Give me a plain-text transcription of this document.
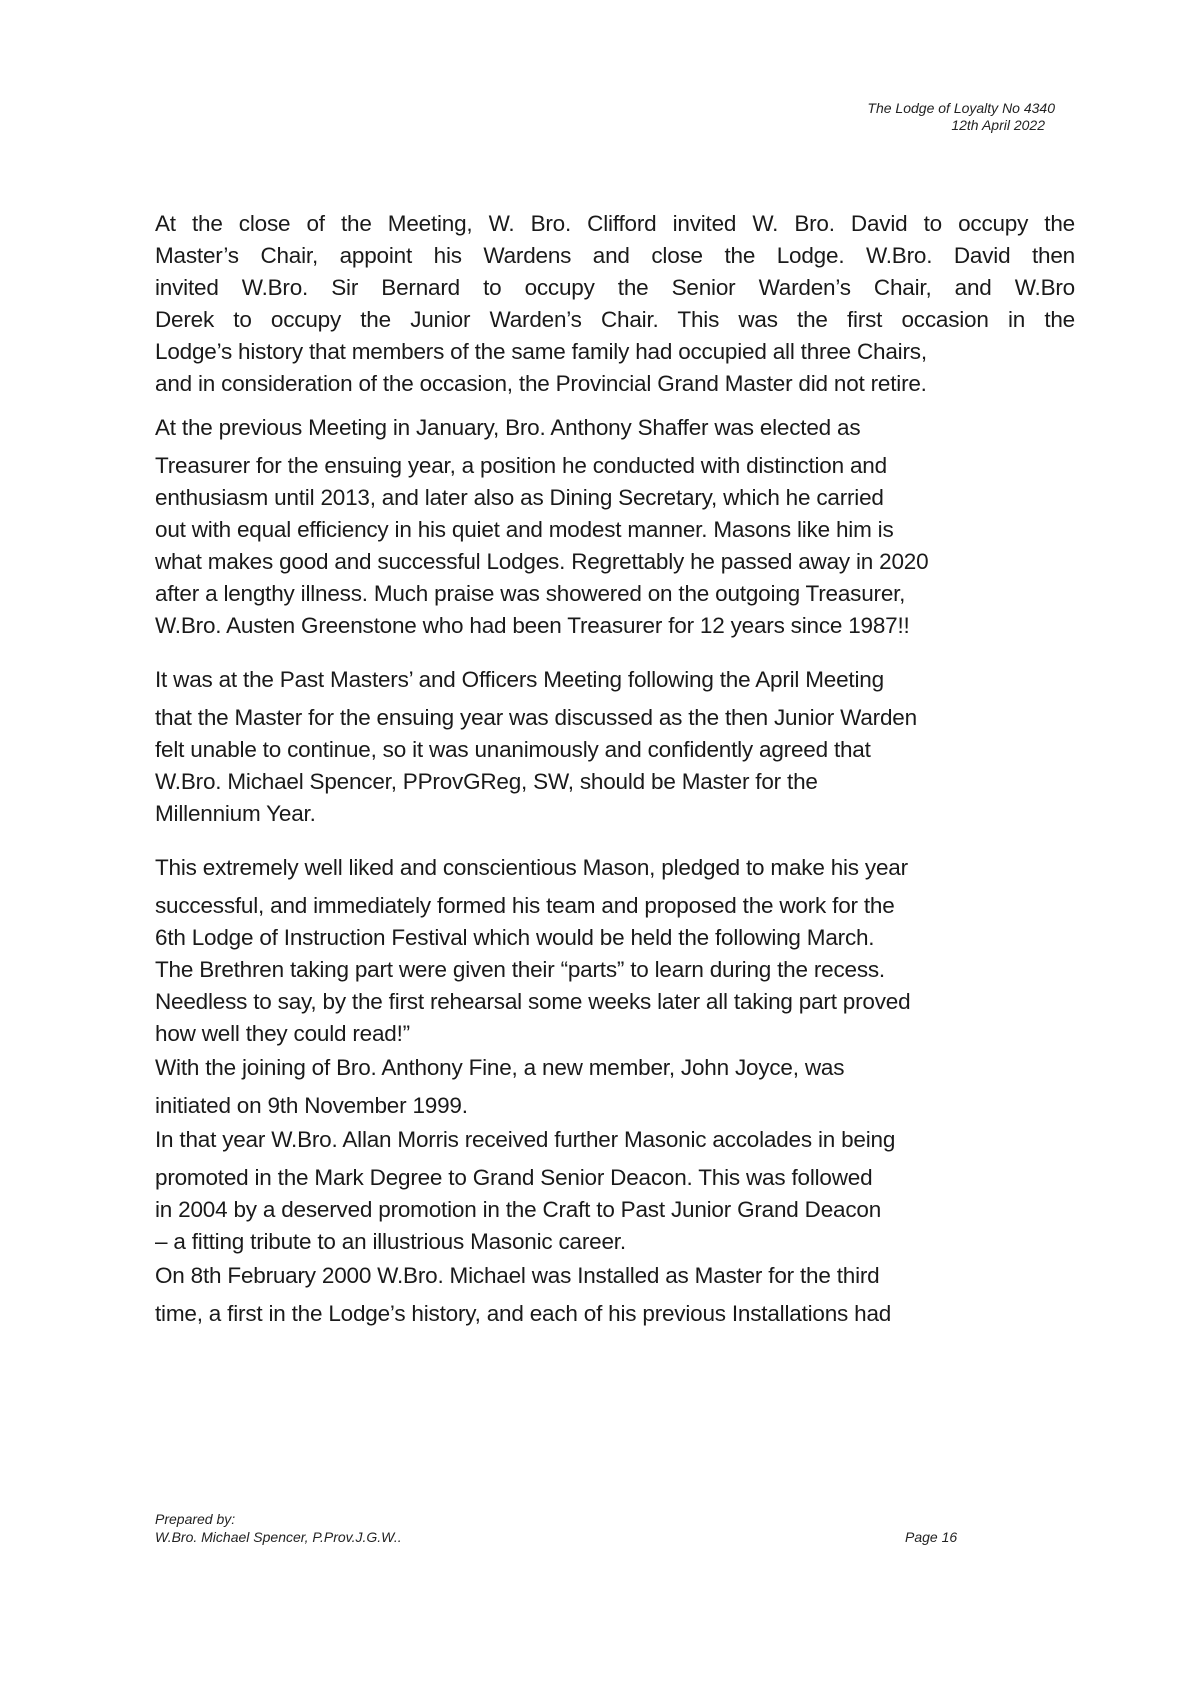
The Lodge of Loyalty No 4340
12th April 2022

At the close of the Meeting, W. Bro. Clifford invited W. Bro. David to occupy the
Master’s Chair, appoint his Wardens and close the Lodge. W.Bro. David then
invited W.Bro. Sir Bernard to occupy the Senior Warden’s Chair, and W.Bro
Derek to occupy the Junior Warden’s Chair. This was the first occasion in the
Lodge’s history that members of the same family had occupied all three Chairs,
and in consideration of the occasion, the Provincial Grand Master did not retire.

At the previous Meeting in January, Bro. Anthony Shaffer was elected as

Treasurer for the ensuing year, a position he conducted with distinction and
enthusiasm until 2013, and later also as Dining Secretary, which he carried
out with equal efficiency in his quiet and modest manner. Masons like him is
what makes good and successful Lodges. Regrettably he passed away in 2020
after a lengthy illness. Much praise was showered on the outgoing Treasurer,
W.Bro. Austen Greenstone who had been Treasurer for 12 years since 1987!!

It was at the Past Masters’ and Officers Meeting following the April Meeting

that the Master for the ensuing year was discussed as the then Junior Warden
felt unable to continue, so it was unanimously and confidently agreed that
W.Bro. Michael Spencer, PProvGReg, SW, should be Master for the
Millennium Year.

This extremely well liked and conscientious Mason, pledged to make his year

successful, and immediately formed his team and proposed the work for the
6th Lodge of Instruction Festival which would be held the following March.
The Brethren taking part were given their “parts” to learn during the recess.
Needless to say, by the first rehearsal some weeks later all taking part proved
how well they could read!”

With the joining of Bro. Anthony Fine, a new member, John Joyce, was

initiated on 9th November 1999.

In that year W.Bro. Allan Morris received further Masonic accolades in being

promoted in the Mark Degree to Grand Senior Deacon. This was followed
in 2004 by a deserved promotion in the Craft to Past Junior Grand Deacon
– a fitting tribute to an illustrious Masonic career.

On 8th February 2000 W.Bro. Michael was Installed as Master for the third

time, a first in the Lodge’s history, and each of his previous Installations had

Prepared by:
W.Bro. Michael Spencer, P.Prov.J.G.W..	Page 16
